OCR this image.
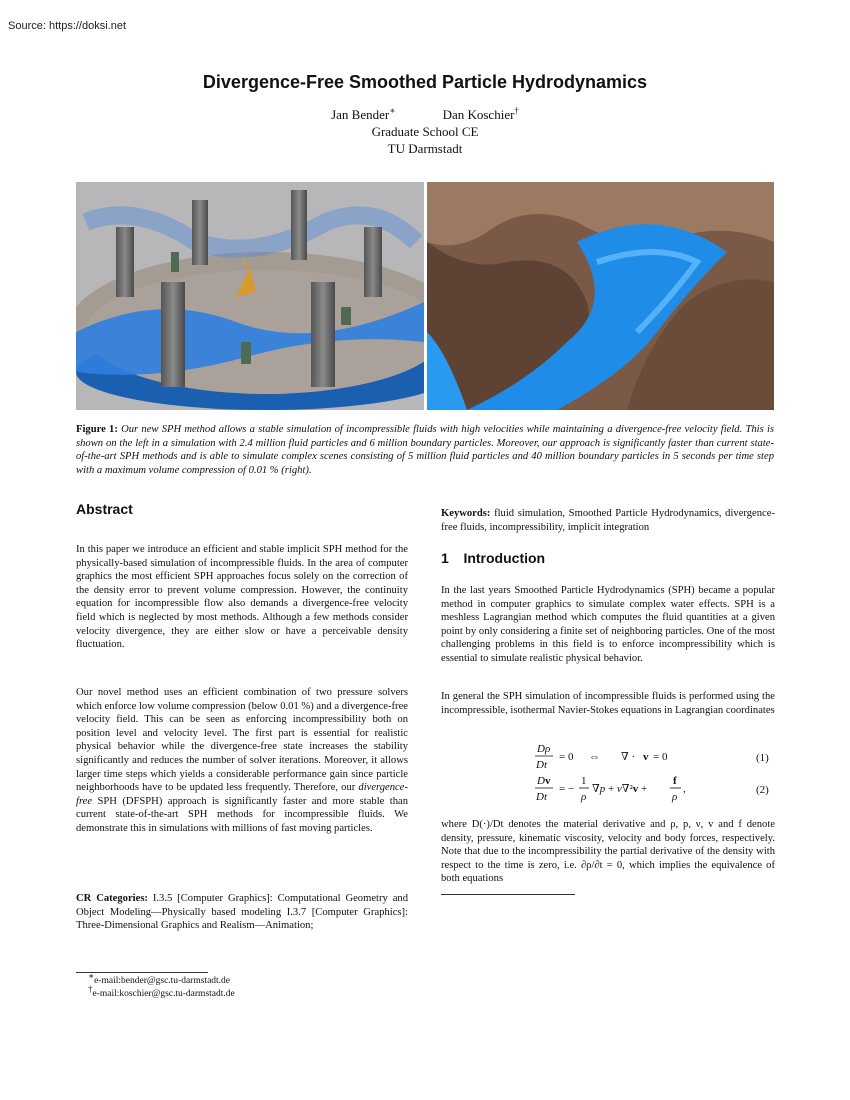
Source: https://doksi.net
Divergence-Free Smoothed Particle Hydrodynamics
Jan Bender∗	Dan Koschier†
Graduate School CE
TU Darmstadt
Figure 1: Our new SPH method allows a stable simulation of incompressible fluids with high velocities while maintaining a divergence-free velocity field. This is shown on the left in a simulation with 2.4 million fluid particles and 6 million boundary particles. Moreover, our approach is significantly faster than current state-of-the-art SPH methods and is able to simulate complex scenes consisting of 5 million fluid particles and 40 million boundary particles in 5 seconds per time step with a maximum volume compression of 0.01 % (right).
Abstract
In this paper we introduce an efficient and stable implicit SPH method for the physically-based simulation of incompressible fluids. In the area of computer graphics the most efficient SPH approaches focus solely on the correction of the density error to prevent volume compression. However, the continuity equation for incompressible flow also demands a divergence-free velocity field which is neglected by most methods. Although a few methods consider velocity divergence, they are either slow or have a perceivable density fluctuation.
Our novel method uses an efficient combination of two pressure solvers which enforce low volume compression (below 0.01 %) and a divergence-free velocity field. This can be seen as enforcing incompressibility both on position level and velocity level. The first part is essential for realistic physical behavior while the divergence-free state increases the stability significantly and reduces the number of solver iterations. Moreover, it allows larger time steps which yields a considerable performance gain since particle neighborhoods have to be updated less frequently. Therefore, our divergence-free SPH (DFSPH) approach is significantly faster and more stable than current state-of-the-art SPH methods for incompressible fluids. We demonstrate this in simulations with millions of fast moving particles.
CR Categories: I.3.5 [Computer Graphics]: Computational Geometry and Object Modeling—Physically based modeling I.3.7 [Computer Graphics]: Three-Dimensional Graphics and Realism—Animation;
∗e-mail:bender@gsc.tu-darmstadt.de
†e-mail:koschier@gsc.tu-darmstadt.de
Keywords: fluid simulation, Smoothed Particle Hydrodynamics, divergence-free fluids, incompressibility, implicit integration
1 Introduction
In the last years Smoothed Particle Hydrodynamics (SPH) became a popular method in computer graphics to simulate complex water effects. SPH is a meshless Lagrangian method which computes the fluid quantities at a given point by only considering a finite set of neighboring particles. One of the most challenging problems in this field is to enforce incompressibility which is essential to simulate realistic physical behavior.
In general the SPH simulation of incompressible fluids is performed using the incompressible, isothermal Navier-Stokes equations in Lagrangian coordinates
Dρ
Dt
= 0 ⇔ ∇ · v = 0
Dv
Dt
= −
1
ρ
∇p + ν∇²v +
f
ρ
,
(1)
(2)
where D(·)/Dt denotes the material derivative and ρ, p, ν, v and f denote density, pressure, kinematic viscosity, velocity and body forces, respectively. Note that due to the incompressibility the partial derivative of the density with respect to the time is zero, i.e. ∂ρ/∂t = 0, which implies the equivalence of both equations
